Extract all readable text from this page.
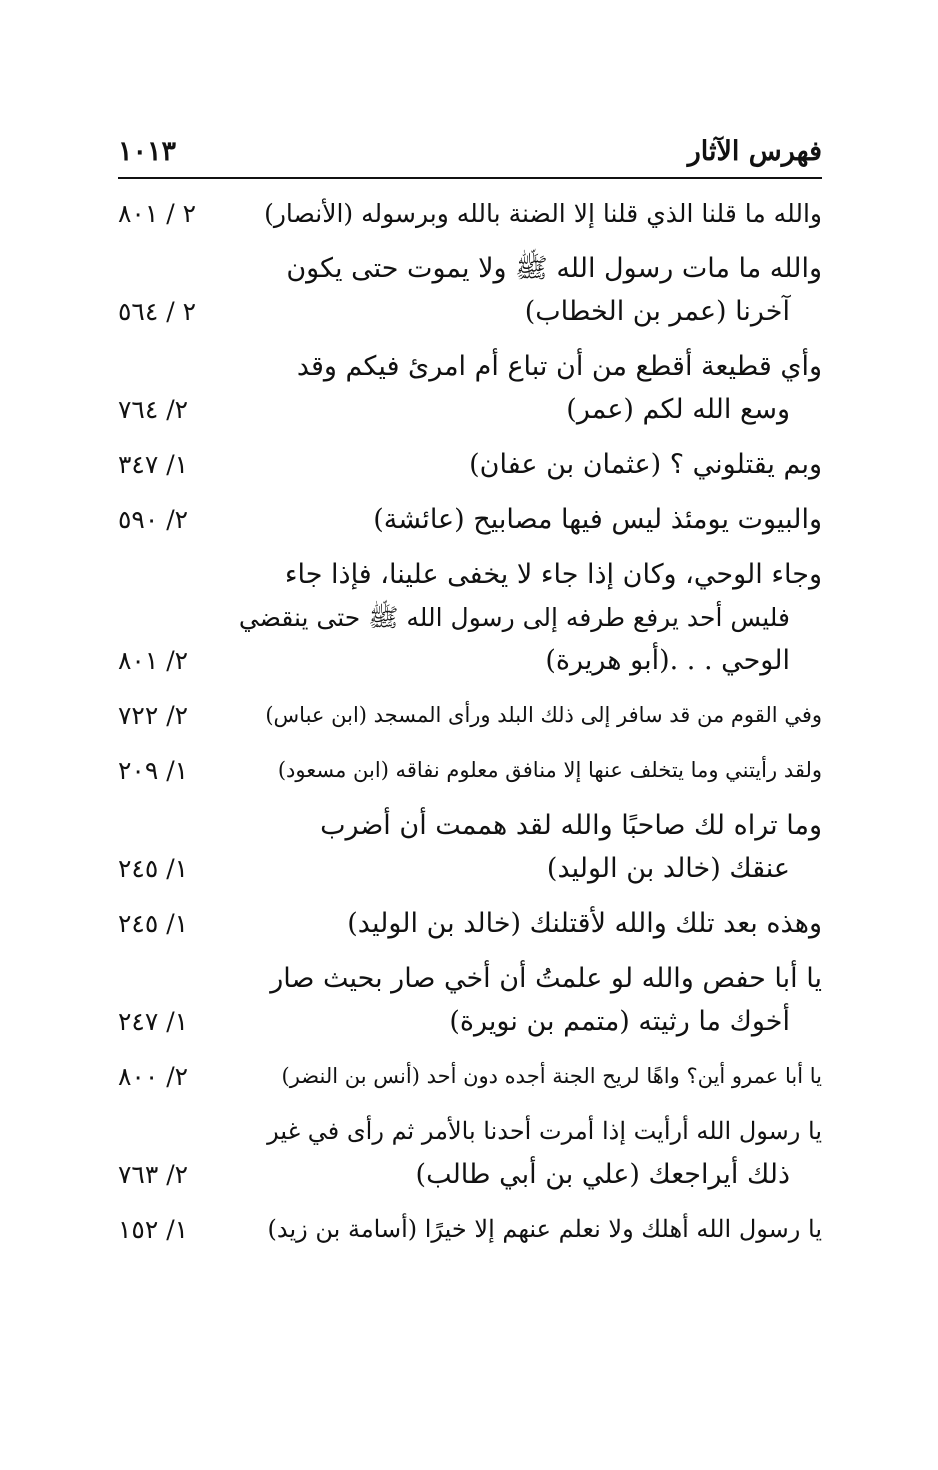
١٠١٣	فهرس الآثار
والله ما قلنا الذي قلنا إلا الضنة بالله وبرسوله (الأنصار)
٢ / ٨٠١
والله ما مات رسول الله ﷺ ولا يموت حتى يكون
آخرنا (عمر بن الخطاب)
٢ / ٥٦٤
وأي قطيعة أقطع من أن تباع أم امرئ فيكم وقد
وسع الله لكم (عمر)
٢/ ٧٦٤
وبم يقتلوني ؟ (عثمان بن عفان)
١/ ٣٤٧
والبيوت يومئذ ليس فيها مصابيح (عائشة)
٢/ ٥٩٠
وجاء الوحي، وكان إذا جاء لا يخفى علينا، فإذا جاء
فليس أحد يرفع طرفه إلى رسول الله ﷺ حتى ينقضي
الوحي . . .(أبو هريرة)
٢/ ٨٠١
وفي القوم من قد سافر إلى ذلك البلد ورأى المسجد (ابن عباس)
٢/ ٧٢٢
ولقد رأيتني وما يتخلف عنها إلا منافق معلوم نفاقه (ابن مسعود)
١/ ٢٠٩
وما تراه لك صاحبًا والله لقد هممت أن أضرب
عنقك (خالد بن الوليد)
١/ ٢٤٥
وهذه بعد تلك والله لأقتلنك (خالد بن الوليد)
١/ ٢٤٥
يا أبا حفص والله لو علمتُ أن أخي صار بحيث صار
أخوك ما رثيته (متمم بن نويرة)
١/ ٢٤٧
يا أبا عمرو أين؟ واهًا لريح الجنة أجده دون أحد (أنس بن النضر)
٢/ ٨٠٠
يا رسول الله أرأيت إذا أمرت أحدنا بالأمر ثم رأى في غير
ذلك أيراجعك (علي بن أبي طالب)
٢/ ٧٦٣
يا رسول الله أهلك ولا نعلم عنهم إلا خيرًا (أسامة بن زيد)
١/ ١٥٢
